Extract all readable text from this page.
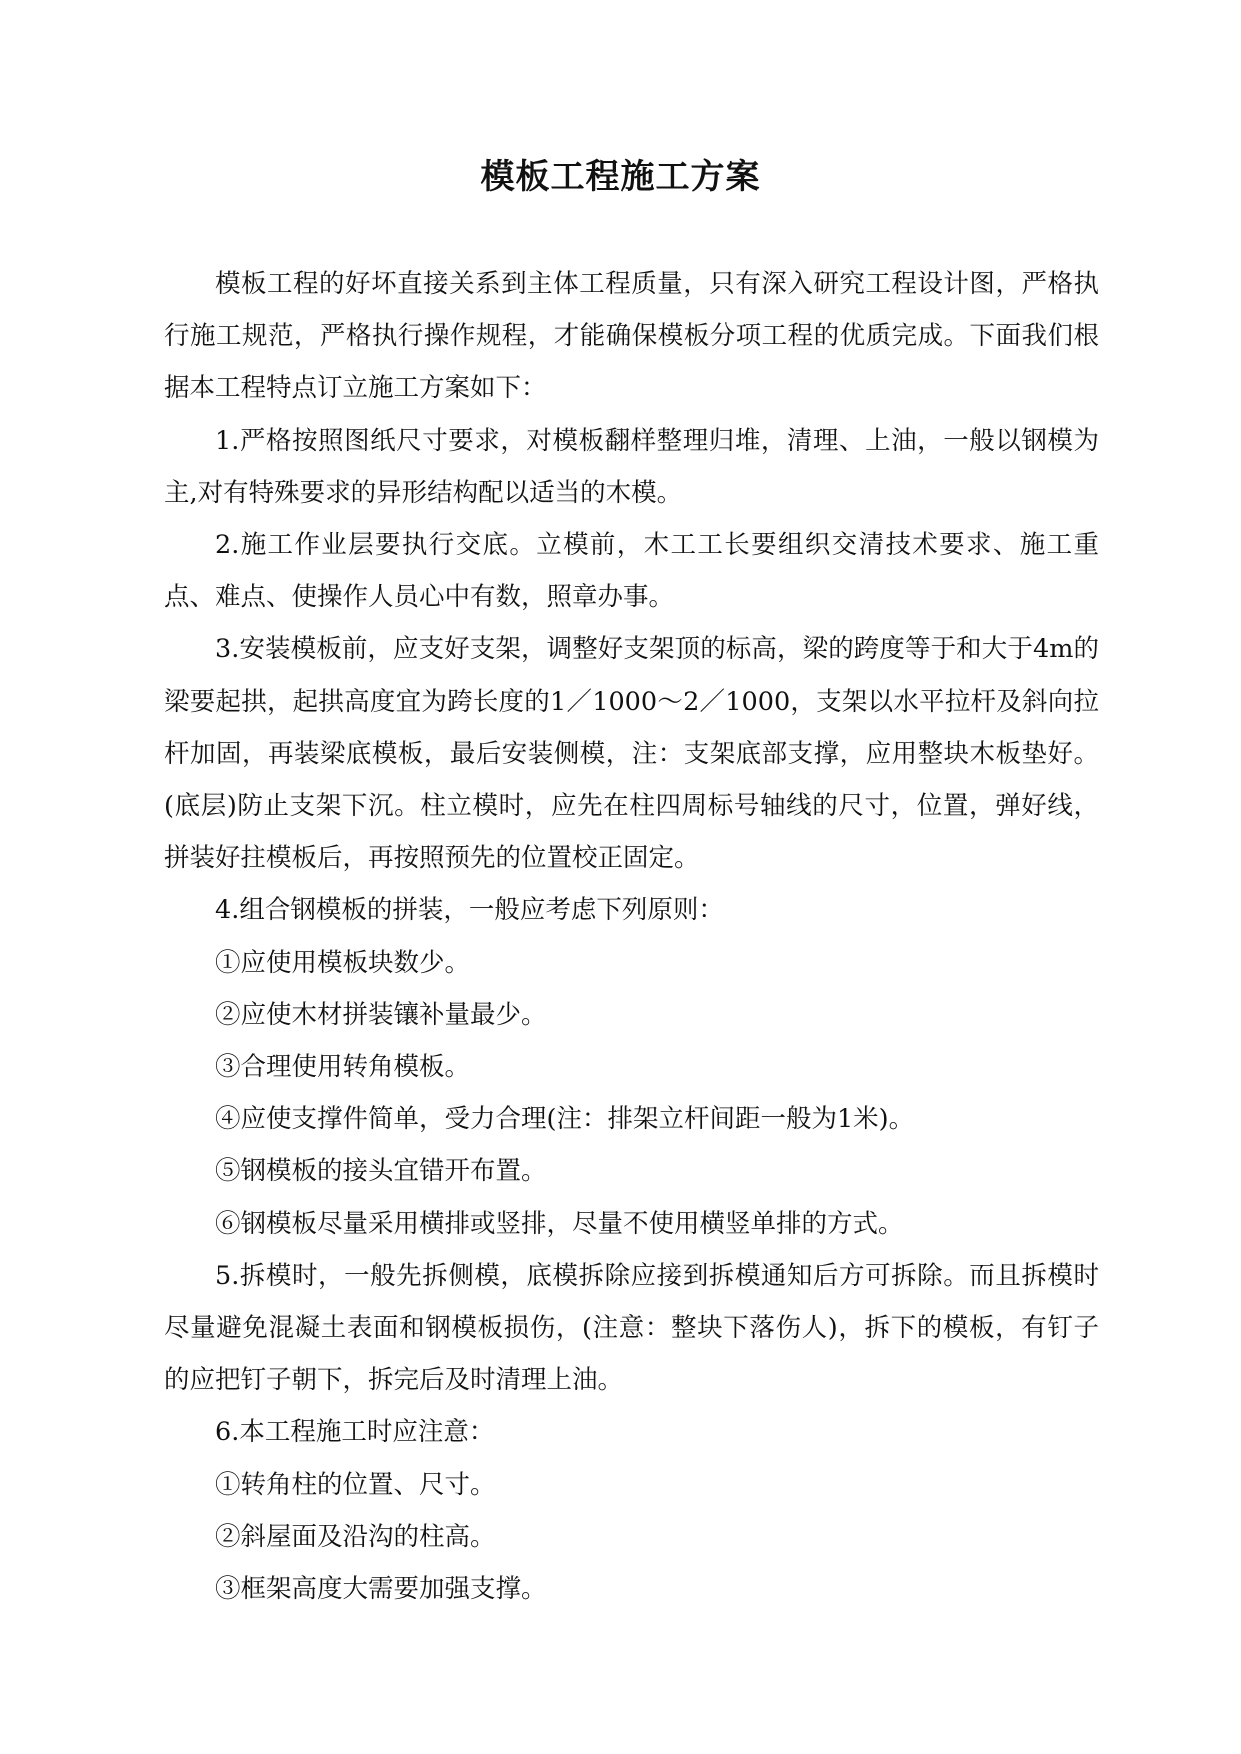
模板工程施工方案

模板工程的好坏直接关系到主体工程质量，只有深入研究工程设计图，严格执行施工规范，严格执行操作规程，才能确保模板分项工程的优质完成。下面我们根据本工程特点订立施工方案如下：

1.严格按照图纸尺寸要求，对模板翻样整理归堆，清理、上油，一般以钢模为主,对有特殊要求的异形结构配以适当的木模。

2.施工作业层要执行交底。立模前，木工工长要组织交清技术要求、施工重点、难点、使操作人员心中有数，照章办事。

3.安装模板前，应支好支架，调整好支架顶的标高，梁的跨度等于和大于4m的梁要起拱，起拱高度宜为跨长度的1／1000～2／1000，支架以水平拉杆及斜向拉杆加固，再装梁底模板，最后安装侧模，注：支架底部支撑，应用整块木板垫好。(底层)防止支架下沉。柱立模时，应先在柱四周标号轴线的尺寸，位置，弹好线，拼装好拄模板后，再按照预先的位置校正固定。

4.组合钢模板的拼装，一般应考虑下列原则：

①应使用模板块数少。

②应使木材拼装镶补量最少。

③合理使用转角模板。

④应使支撑件简单，受力合理(注：排架立杆间距一般为1米)。

⑤钢模板的接头宜错开布置。

⑥钢模板尽量采用横排或竖排，尽量不使用横竖单排的方式。

5.拆模时，一般先拆侧模，底模拆除应接到拆模通知后方可拆除。而且拆模时尽量避免混凝土表面和钢模板损伤，(注意：整块下落伤人)，拆下的模板，有钉子的应把钉子朝下，拆完后及时清理上油。

6.本工程施工时应注意：

①转角柱的位置、尺寸。

②斜屋面及沿沟的柱高。

③框架高度大需要加强支撑。
